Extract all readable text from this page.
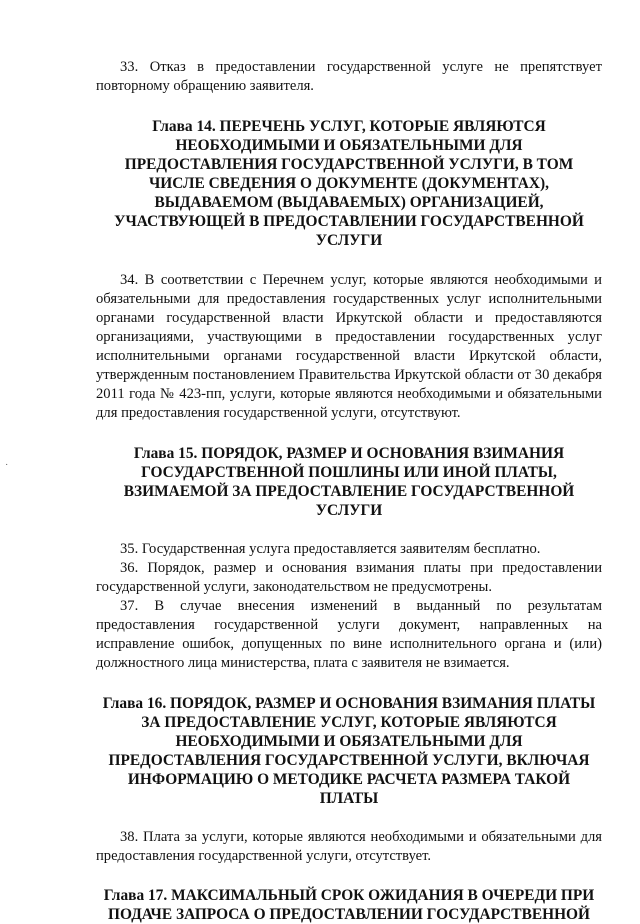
˙

33. Отказ в предоставлении государственной услуге не препятствует повторному обращению заявителя.

Глава 14. ПЕРЕЧЕНЬ УСЛУГ, КОТОРЫЕ ЯВЛЯЮТСЯ НЕОБХОДИМЫМИ И ОБЯЗАТЕЛЬНЫМИ ДЛЯ ПРЕДОСТАВЛЕНИЯ ГОСУДАРСТВЕННОЙ УСЛУГИ, В ТОМ ЧИСЛЕ СВЕДЕНИЯ О ДОКУМЕНТЕ (ДОКУМЕНТАХ), ВЫДАВАЕМОМ (ВЫДАВАЕМЫХ) ОРГАНИЗАЦИЕЙ, УЧАСТВУЮЩЕЙ В ПРЕДОСТАВЛЕНИИ ГОСУДАРСТВЕННОЙ УСЛУГИ

34. В соответствии с Перечнем услуг, которые являются необходимыми и обязательными для предоставления государственных услуг исполнительными органами государственной власти Иркутской области и предоставляются организациями, участвующими в предоставлении государственных услуг исполнительными органами государственной власти Иркутской области, утвержденным постановлением Правительства Иркутской области от 30 декабря 2011 года № 423-пп, услуги, которые являются необходимыми и обязательными для предоставления государственной услуги, отсутствуют.

Глава 15. ПОРЯДОК, РАЗМЕР И ОСНОВАНИЯ ВЗИМАНИЯ ГОСУДАРСТВЕННОЙ ПОШЛИНЫ ИЛИ ИНОЙ ПЛАТЫ, ВЗИМАЕМОЙ ЗА ПРЕДОСТАВЛЕНИЕ ГОСУДАРСТВЕННОЙ УСЛУГИ

35. Государственная услуга предоставляется заявителям бесплатно.

36. Порядок, размер и основания взимания платы при предоставлении государственной услуги, законодательством не предусмотрены.

37. В случае внесения изменений в выданный по результатам предоставления государственной услуги документ, направленных на исправление ошибок, допущенных по вине исполнительного органа и (или) должностного лица министерства, плата с заявителя не взимается.

Глава 16. ПОРЯДОК, РАЗМЕР И ОСНОВАНИЯ ВЗИМАНИЯ ПЛАТЫ ЗА ПРЕДОСТАВЛЕНИЕ УСЛУГ, КОТОРЫЕ ЯВЛЯЮТСЯ НЕОБХОДИМЫМИ И ОБЯЗАТЕЛЬНЫМИ ДЛЯ ПРЕДОСТАВЛЕНИЯ ГОСУДАРСТВЕННОЙ УСЛУГИ, ВКЛЮЧАЯ ИНФОРМАЦИЮ О МЕТОДИКЕ РАСЧЕТА РАЗМЕРА ТАКОЙ ПЛАТЫ

38. Плата за услуги, которые являются необходимыми и обязательными для предоставления государственной услуги, отсутствует.

Глава 17. МАКСИМАЛЬНЫЙ СРОК ОЖИДАНИЯ В ОЧЕРЕДИ ПРИ ПОДАЧЕ ЗАПРОСА О ПРЕДОСТАВЛЕНИИ ГОСУДАРСТВЕННОЙ
